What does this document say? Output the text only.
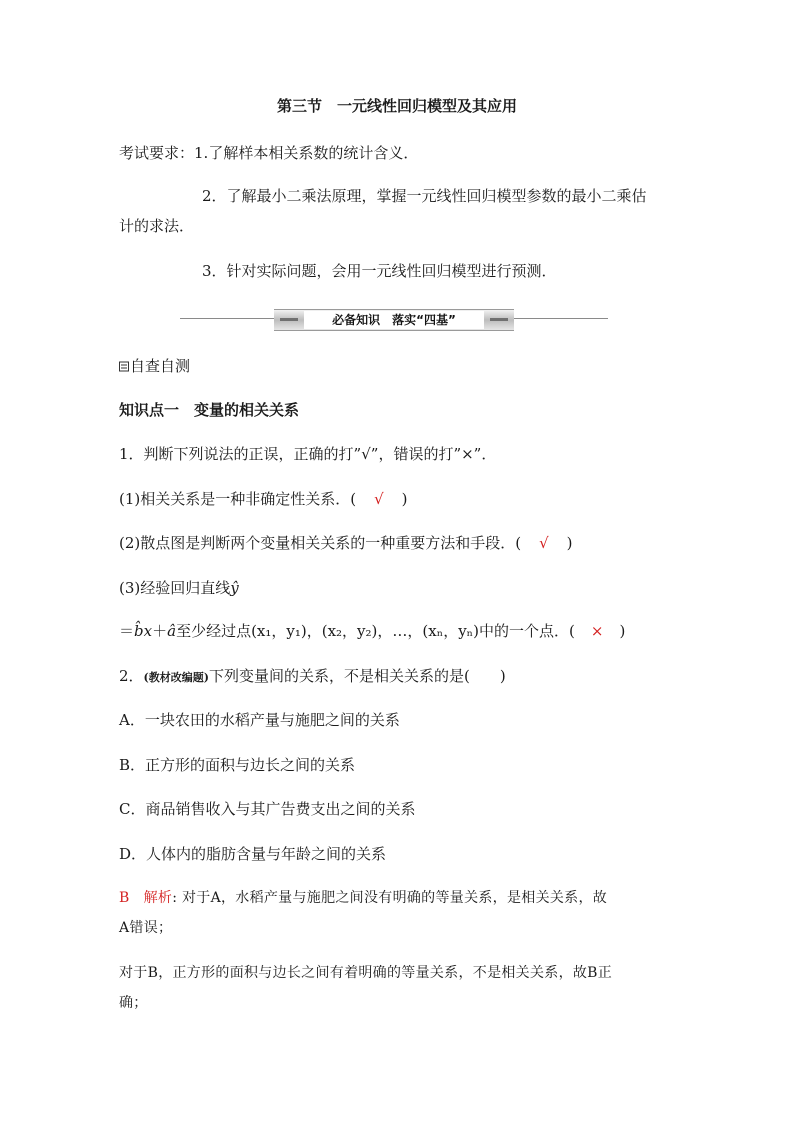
第三节　一元线性回归模型及其应用
考试要求：1.了解样本相关系数的统计含义．
2．了解最小二乘法原理，掌握一元线性回归模型参数的最小二乘估
计的求法．
3．针对实际问题，会用一元线性回归模型进行预测．
必备知识　落实“四基”
自查自测
知识点一　变量的相关关系
1．判断下列说法的正误，正确的打”√”，错误的打”×”．
(1)相关关系是一种非确定性关系．( √ )
(2)散点图是判断两个变量相关关系的一种重要方法和手段．( √ )
(3)经验回归直线ŷ
＝b̂x＋â至少经过点(x₁，y₁)，(x₂，y₂)，…，(xₙ，yₙ)中的一个点．( × )
2．(教材改编题)下列变量间的关系，不是相关关系的是(　　)
A．一块农田的水稻产量与施肥之间的关系
B．正方形的面积与边长之间的关系
C．商品销售收入与其广告费支出之间的关系
D．人体内的脂肪含量与年龄之间的关系
B 解析: 对于A，水稻产量与施肥之间没有明确的等量关系，是相关关系，故
A错误；
对于B，正方形的面积与边长之间有着明确的等量关系，不是相关关系，故B正
确；
